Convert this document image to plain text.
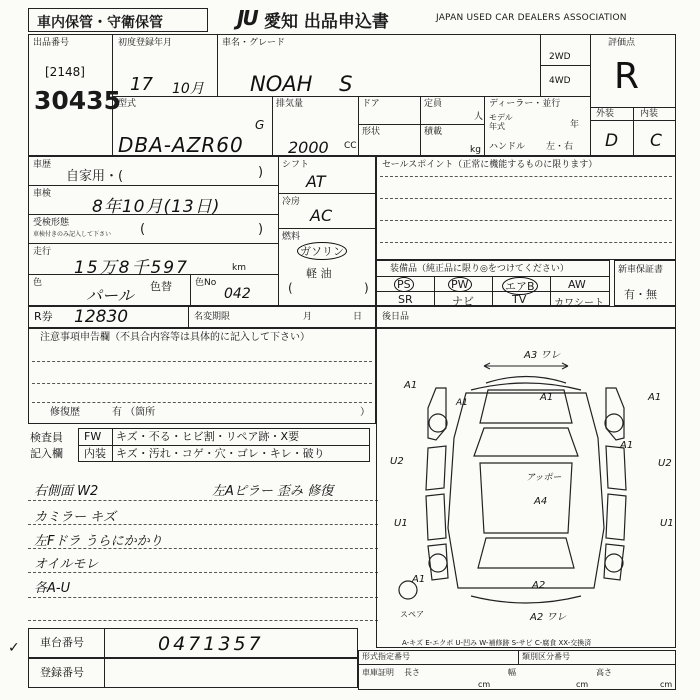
車内保管・守衛保管	JU 愛知 出品申込書	JAPAN USED CAR DEALERS ASSOCIATION
出品番号
[2148]
30435
初度登録年月
17 10月
車名・グレード
NOAH    S
2WD
4WD
評価点
R
外装	内装
D C
型式
DBA-AZR60
G
排気量
2000 CC
ドア	定員
人
形状	積載
kg
ディーラー・並行
モデル
年式	年
ハンドル 左・右
車歴
自家用・(	)
車検
8年10月(13日)
受検形態
車検付きのみ記入して下さい (	)
走行
15万8千597	km
色
パール 色替	色No
042
シフト
AT
冷房
AC
燃料
ガソリン
軽 油
(	)
セールスポイント（正常に機能するものに限ります）
装備品（純正品に限り◎をつけてください）
PS	PW	エアB	AW
SR	ナビ	TV	カワシート
新車保証書
有・無
R券 12830	名変期限	月	日 後日品
注意事項申告欄（不具合内容等は具体的に記入して下さい）
修復歴	有 （箇所	）
検査員
記入欄
FW キズ・不る・ヒビ割・リペア跡・X要
内装 キズ・汚れ・コゲ・穴・ゴレ・キレ・破り
右側面 W2	左Aピラー 歪み 修復
カミラー キズ
左Fドラ うらにかかり
オイルモレ
各A-U
A3 ワレ
A1
A1
A1
A1
U2	U2
U1	U1
A1
アッポー
A4
A1
A2
A2 ワレ
スペア
A-キズ E-エクボ U-凹み W-補修跡 S-サビ C-腐食 XX-交換済
✓ 車台番号	0471357
登録番号
形式指定番号	類別区分番号
車庫証明 長さ
cm
幅
cm
高さ
cm
